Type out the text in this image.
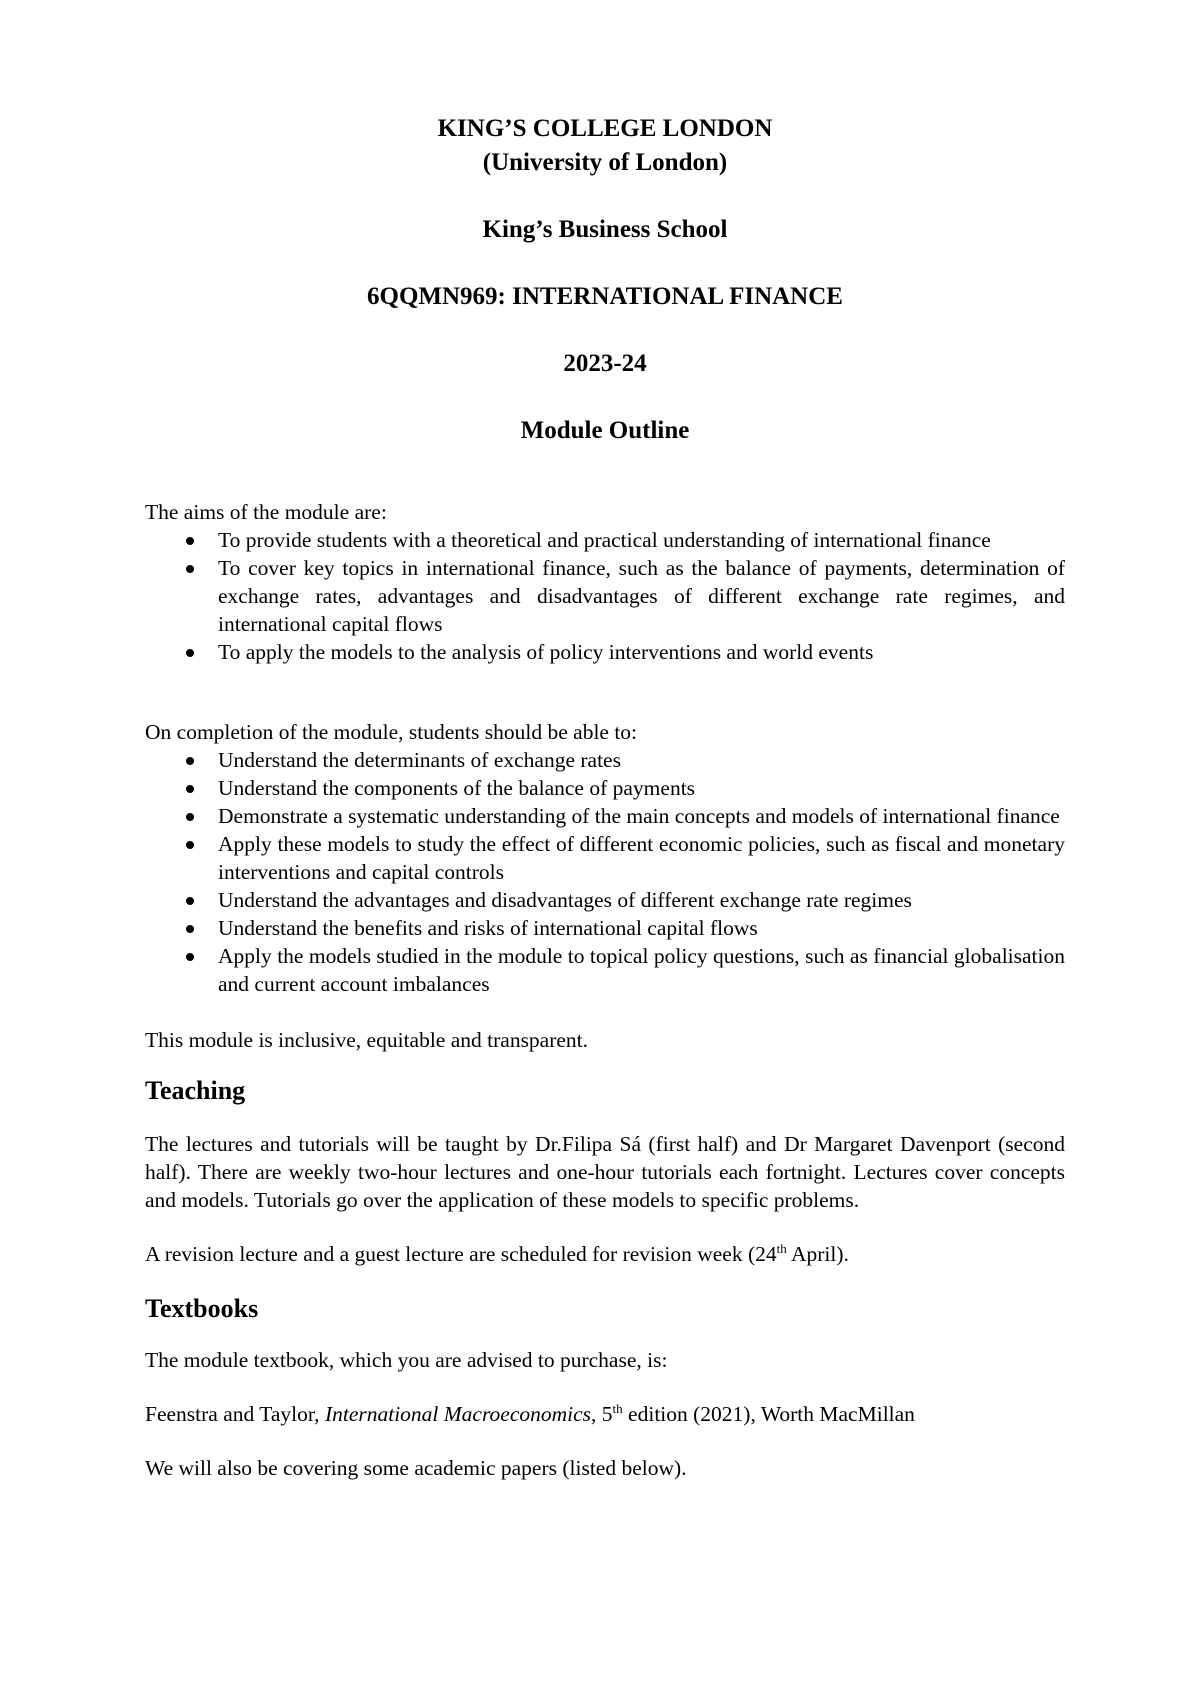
KING’S COLLEGE LONDON
(University of London)
King’s Business School
6QQMN969: INTERNATIONAL FINANCE
2023-24
Module Outline

The aims of the module are:

To provide students with a theoretical and practical understanding of international finance
To cover key topics in international finance, such as the balance of payments, determination of exchange rates, advantages and disadvantages of different exchange rate regimes, and international capital flows
To apply the models to the analysis of policy interventions and world events

On completion of the module, students should be able to:

Understand the determinants of exchange rates
Understand the components of the balance of payments
Demonstrate a systematic understanding of the main concepts and models of international finance
Apply these models to study the effect of different economic policies, such as fiscal and monetary interventions and capital controls
Understand the advantages and disadvantages of different exchange rate regimes
Understand the benefits and risks of international capital flows
Apply the models studied in the module to topical policy questions, such as financial globalisation and current account imbalances

This module is inclusive, equitable and transparent.

Teaching

The lectures and tutorials will be taught by Dr.Filipa Sá (first half) and Dr Margaret Davenport (second half). There are weekly two-hour lectures and one-hour tutorials each fortnight. Lectures cover concepts and models. Tutorials go over the application of these models to specific problems.

A revision lecture and a guest lecture are scheduled for revision week (24th April).

Textbooks

The module textbook, which you are advised to purchase, is:

Feenstra and Taylor, International Macroeconomics, 5th edition (2021), Worth MacMillan

We will also be covering some academic papers (listed below).
